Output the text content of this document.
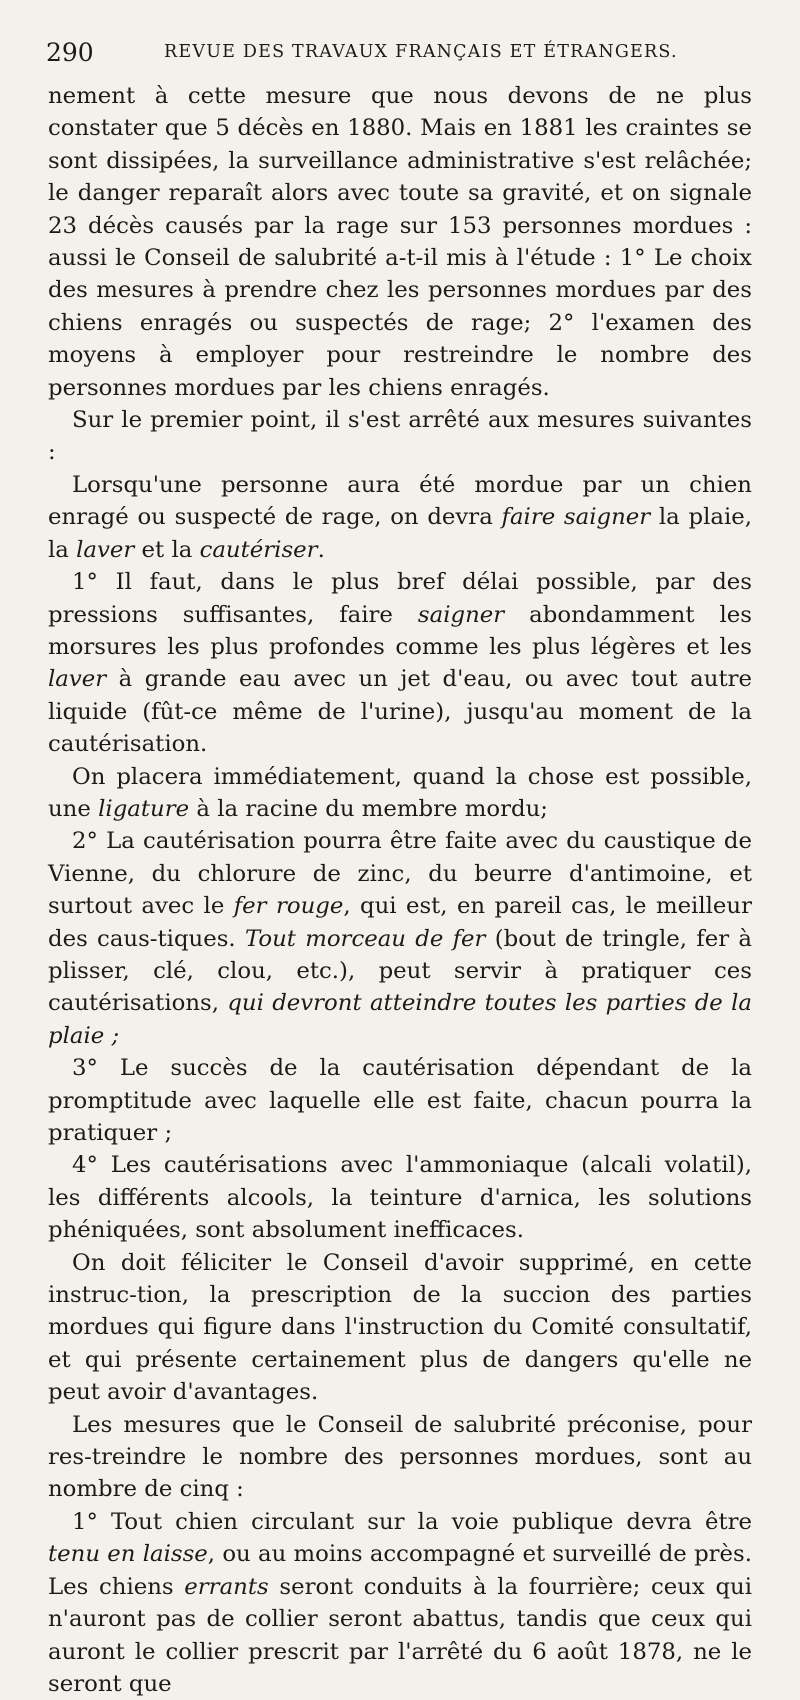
290	REVUE DES TRAVAUX FRANÇAIS ET ÉTRANGERS.

nement à cette mesure que nous devons de ne plus constater que 5 décès en 1880. Mais en 1881 les craintes se sont dissipées, la surveillance administrative s'est relâchée; le danger reparaît alors avec toute sa gravité, et on signale 23 décès causés par la rage sur 153 personnes mordues : aussi le Conseil de salubrité a-t-il mis à l'étude : 1° Le choix des mesures à prendre chez les personnes mordues par des chiens enragés ou suspectés de rage; 2° l'examen des moyens à employer pour restreindre le nombre des personnes mordues par les chiens enragés.

Sur le premier point, il s'est arrêté aux mesures suivantes :

Lorsqu'une personne aura été mordue par un chien enragé ou suspecté de rage, on devra faire saigner la plaie, la laver et la cautériser.

1° Il faut, dans le plus bref délai possible, par des pressions suffisantes, faire saigner abondamment les morsures les plus profondes comme les plus légères et les laver à grande eau avec un jet d'eau, ou avec tout autre liquide (fût-ce même de l'urine), jusqu'au moment de la cautérisation.

On placera immédiatement, quand la chose est possible, une ligature à la racine du membre mordu;

2° La cautérisation pourra être faite avec du caustique de Vienne, du chlorure de zinc, du beurre d'antimoine, et surtout avec le fer rouge, qui est, en pareil cas, le meilleur des caus-tiques. Tout morceau de fer (bout de tringle, fer à plisser, clé, clou, etc.), peut servir à pratiquer ces cautérisations, qui devront atteindre toutes les parties de la plaie ;

3° Le succès de la cautérisation dépendant de la promptitude avec laquelle elle est faite, chacun pourra la pratiquer ;

4° Les cautérisations avec l'ammoniaque (alcali volatil), les différents alcools, la teinture d'arnica, les solutions phéniquées, sont absolument inefficaces.

On doit féliciter le Conseil d'avoir supprimé, en cette instruc-tion, la prescription de la succion des parties mordues qui figure dans l'instruction du Comité consultatif, et qui présente certainement plus de dangers qu'elle ne peut avoir d'avantages.

Les mesures que le Conseil de salubrité préconise, pour res-treindre le nombre des personnes mordues, sont au nombre de cinq :

1° Tout chien circulant sur la voie publique devra être tenu en laisse, ou au moins accompagné et surveillé de près. Les chiens errants seront conduits à la fourrière; ceux qui n'auront pas de collier seront abattus, tandis que ceux qui auront le collier prescrit par l'arrêté du 6 août 1878, ne le seront que
